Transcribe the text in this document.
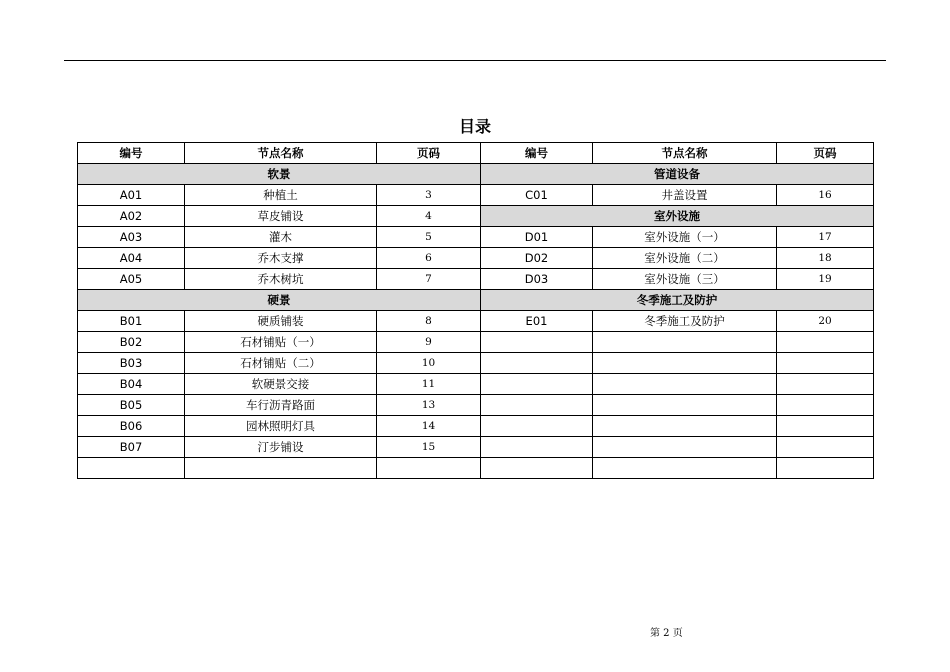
目录
编号	节点名称	页码	编号	节点名称	页码
软景			管道设备		
A01	种植土	3	C01	井盖设置	16
A02	草皮铺设	4	室外设施		
A03	灌木	5	D01	室外设施（一）	17
A04	乔木支撑	6	D02	室外设施（二）	18
A05	乔木树坑	7	D03	室外设施（三）	19
硬景			冬季施工及防护		
B01	硬质铺装	8	E01	冬季施工及防护	20
B02	石材铺贴（一）	9			
B03	石材铺贴（二）	10			
B04	软硬景交接	11			
B05	车行沥青路面	13			
B06	园林照明灯具	14			
B07	汀步铺设	15			

第 2 页
